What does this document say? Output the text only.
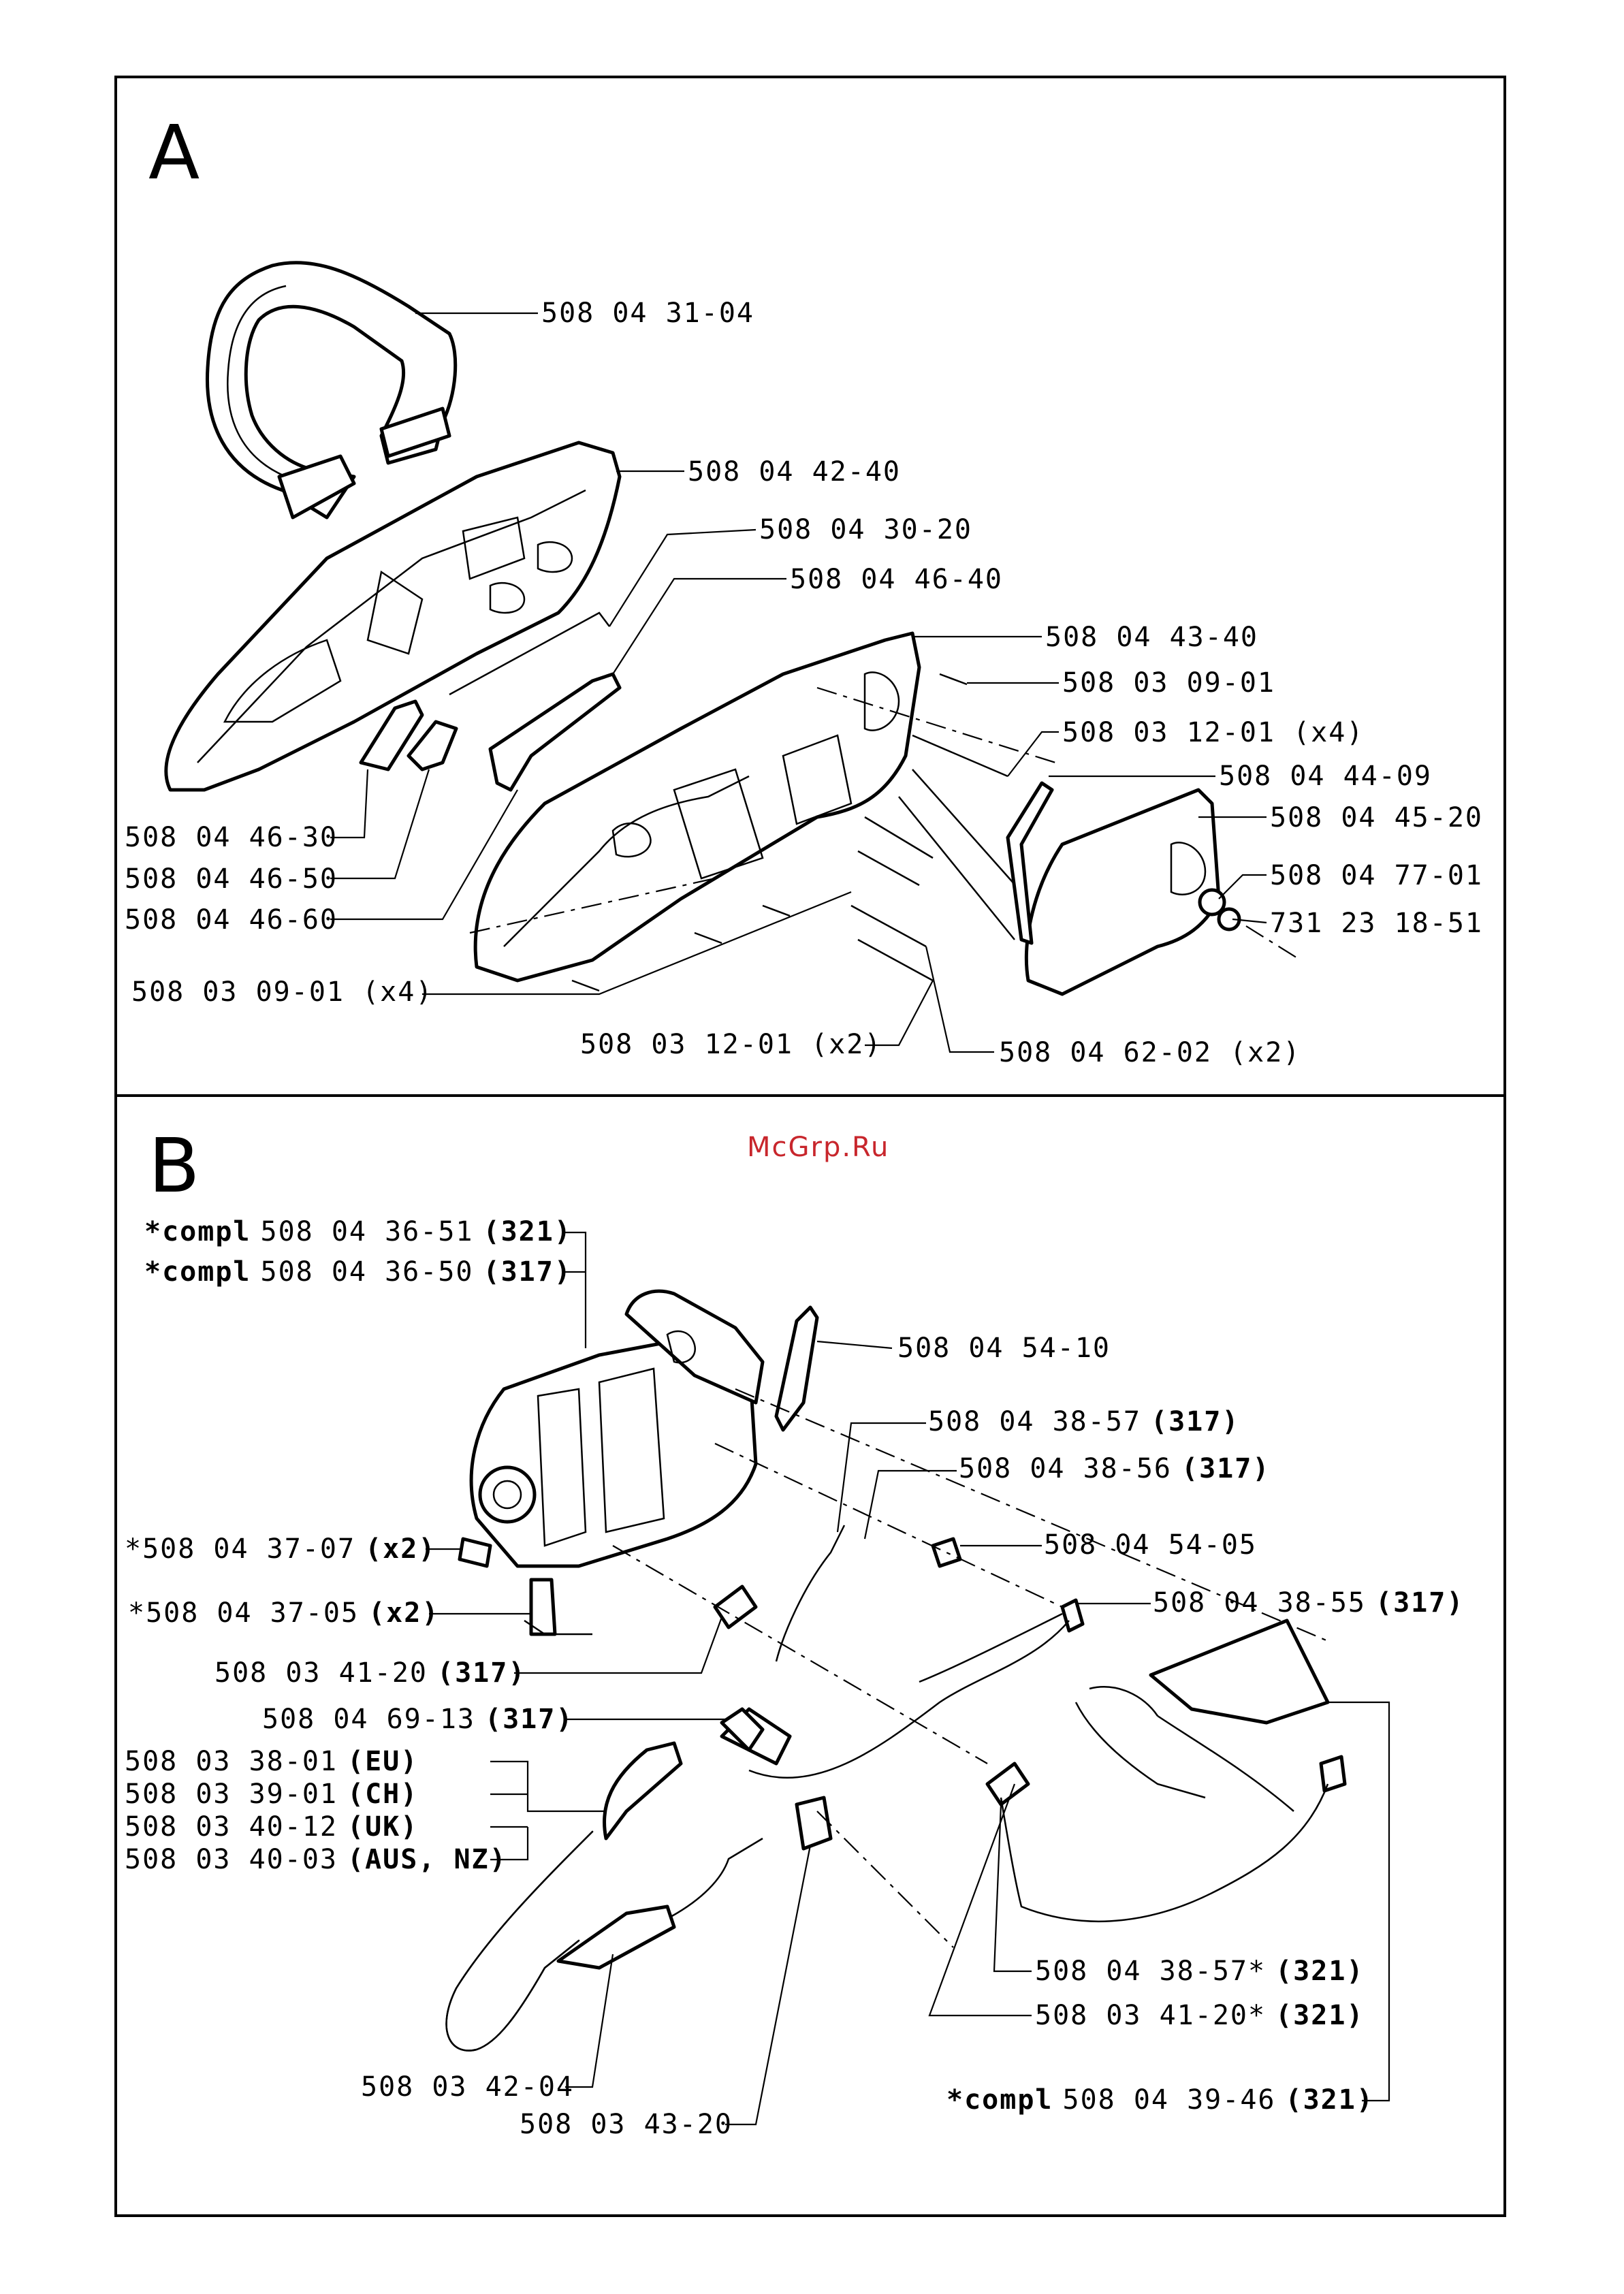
A
B	McGrp.Ru
508 04 31-04
508 04 42-40
508 04 30-20
508 04 46-40
508 04 43-40
508 03 09-01
508 03 12-01 (x4)
508 04 44-09
508 04 45-20
508 04 77-01
731 23 18-51
508 04 46-30
508 04 46-50
508 04 46-60
508 03 09-01 (x4)
508 03 12-01 (x2)	508 04 62-02 (x2)
*compl 508 04 36-51 (321)
*compl 508 04 36-50 (317)
508 04 54-10
508 04 38-57 (317)
508 04 38-56 (317)
508 04 54-05
508 04 38-55 (317)
*508 04 37-07 (x2)
*508 04 37-05 (x2)
508 03 41-20 (317)
508 04 69-13 (317)
508 03 38-01 (EU)
508 03 39-01 (CH)
508 03 40-12 (UK)
508 03 40-03 (AUS, NZ)
508 04 38-57* (321)
508 03 41-20* (321)
508 03 42-04
508 03 43-20
*compl 508 04 39-46 (321)
